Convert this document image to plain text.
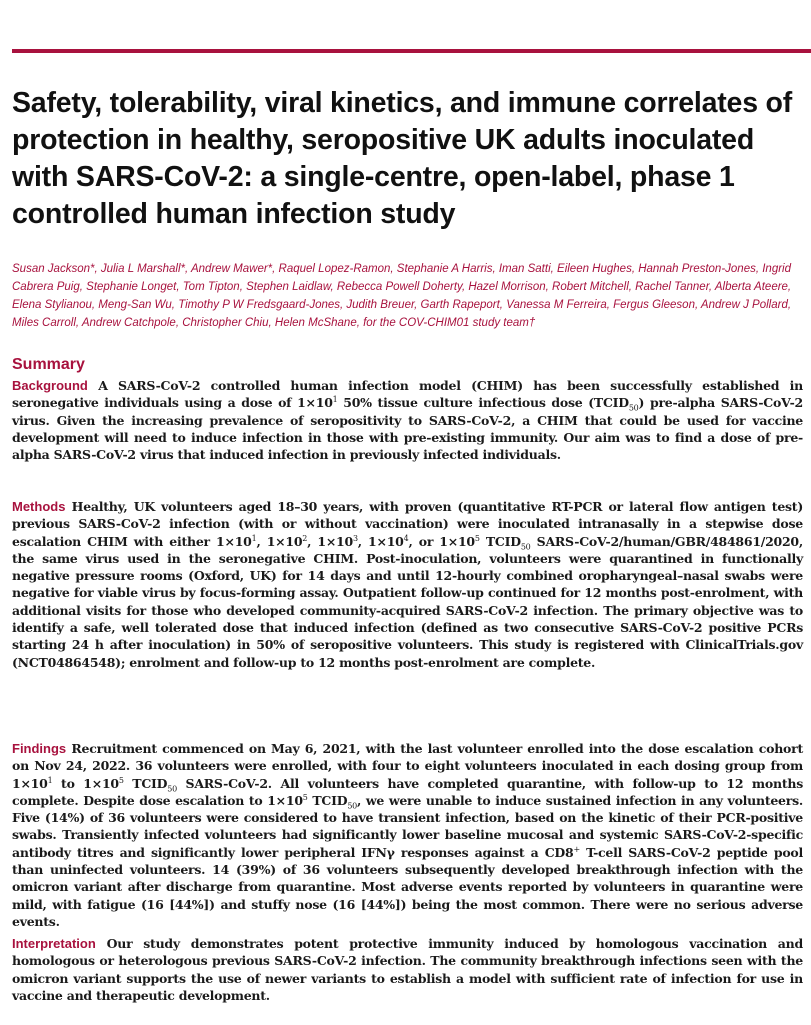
Safety, tolerability, viral kinetics, and immune correlates of protection in healthy, seropositive UK adults inoculated with SARS-CoV-2: a single-centre, open-label, phase 1 controlled human infection study
Susan Jackson*, Julia L Marshall*, Andrew Mawer*, Raquel Lopez-Ramon, Stephanie A Harris, Iman Satti, Eileen Hughes, Hannah Preston-Jones, Ingrid Cabrera Puig, Stephanie Longet, Tom Tipton, Stephen Laidlaw, Rebecca Powell Doherty, Hazel Morrison, Robert Mitchell, Rachel Tanner, Alberta Ateere, Elena Stylianou, Meng-San Wu, Timothy P W Fredsgaard-Jones, Judith Breuer, Garth Rapeport, Vanessa M Ferreira, Fergus Gleeson, Andrew J Pollard, Miles Carroll, Andrew Catchpole, Christopher Chiu, Helen McShane, for the COV-CHIM01 study team†
Summary

Background A SARS-CoV-2 controlled human infection model (CHIM) has been successfully established in seronegative individuals using a dose of $1\times 10^1$ 50% tissue culture infectious dose $(TCID_{50})$ pre-alpha SARS-CoV-2 virus. Given the increasing prevalence of seropositivity to SARS-CoV-2, a CHIM that could be used for vaccine development will need to induce infection in those with pre-existing immunity. Our aim was to find a dose of pre-alpha SARS-CoV-2 virus that induced infection in previously infected individuals.

Methods Healthy, UK volunteers aged 18–30 years, with proven (quantitative RT-PCR or lateral flow antigen test) previous SARS-CoV-2 infection (with or without vaccination) were inoculated intranasally in a stepwise dose escalation CHIM with either $1\times 10^1$, $1\times 10^2$, $1\times 10^3$, $1\times 10^4$, or $1\times 10^5$ $TCID_{50}$ SARS-CoV-2/human/GBR/484861/2020, the same virus used in the seronegative CHIM. Post-inoculation, volunteers were quarantined in functionally negative pressure rooms (Oxford, UK) for 14 days and until 12-hourly combined oropharyngeal–nasal swabs were negative for viable virus by focus-forming assay. Outpatient follow-up continued for 12 months post-enrolment, with additional visits for those who developed community-acquired SARS-CoV-2 infection. The primary objective was to identify a safe, well tolerated dose that induced infection (defined as two consecutive SARS-CoV-2 positive PCRs starting 24 h after inoculation) in 50% of seropositive volunteers. This study is registered with ClinicalTrials.gov (NCT04864548); enrolment and follow-up to 12 months post-enrolment are complete.

Findings Recruitment commenced on May 6, 2021, with the last volunteer enrolled into the dose escalation cohort on Nov 24, 2022. 36 volunteers were enrolled, with four to eight volunteers inoculated in each dosing group from $1\times 10^1$ to $1\times 10^5$ $TCID_{50}$ SARS-CoV-2. All volunteers have completed quarantine, with follow-up to 12 months complete. Despite dose escalation to $1\times 10^5$ $TCID_{50}$, we were unable to induce sustained infection in any volunteers. Five (14%) of 36 volunteers were considered to have transient infection, based on the kinetic of their PCR-positive swabs. Transiently infected volunteers had significantly lower baseline mucosal and systemic SARS-CoV-2-specific antibody titres and significantly lower peripheral IFNγ responses against a CD8+ T-cell SARS-CoV-2 peptide pool than uninfected volunteers. 14 (39%) of 36 volunteers subsequently developed breakthrough infection with the omicron variant after discharge from quarantine. Most adverse events reported by volunteers in quarantine were mild, with fatigue (16 [44%]) and stuffy nose (16 [44%]) being the most common. There were no serious adverse events.

Interpretation Our study demonstrates potent protective immunity induced by homologous vaccination and homologous or heterologous previous SARS-CoV-2 infection. The community breakthrough infections seen with the omicron variant supports the use of newer variants to establish a model with sufficient rate of infection for use in vaccine and therapeutic development.
